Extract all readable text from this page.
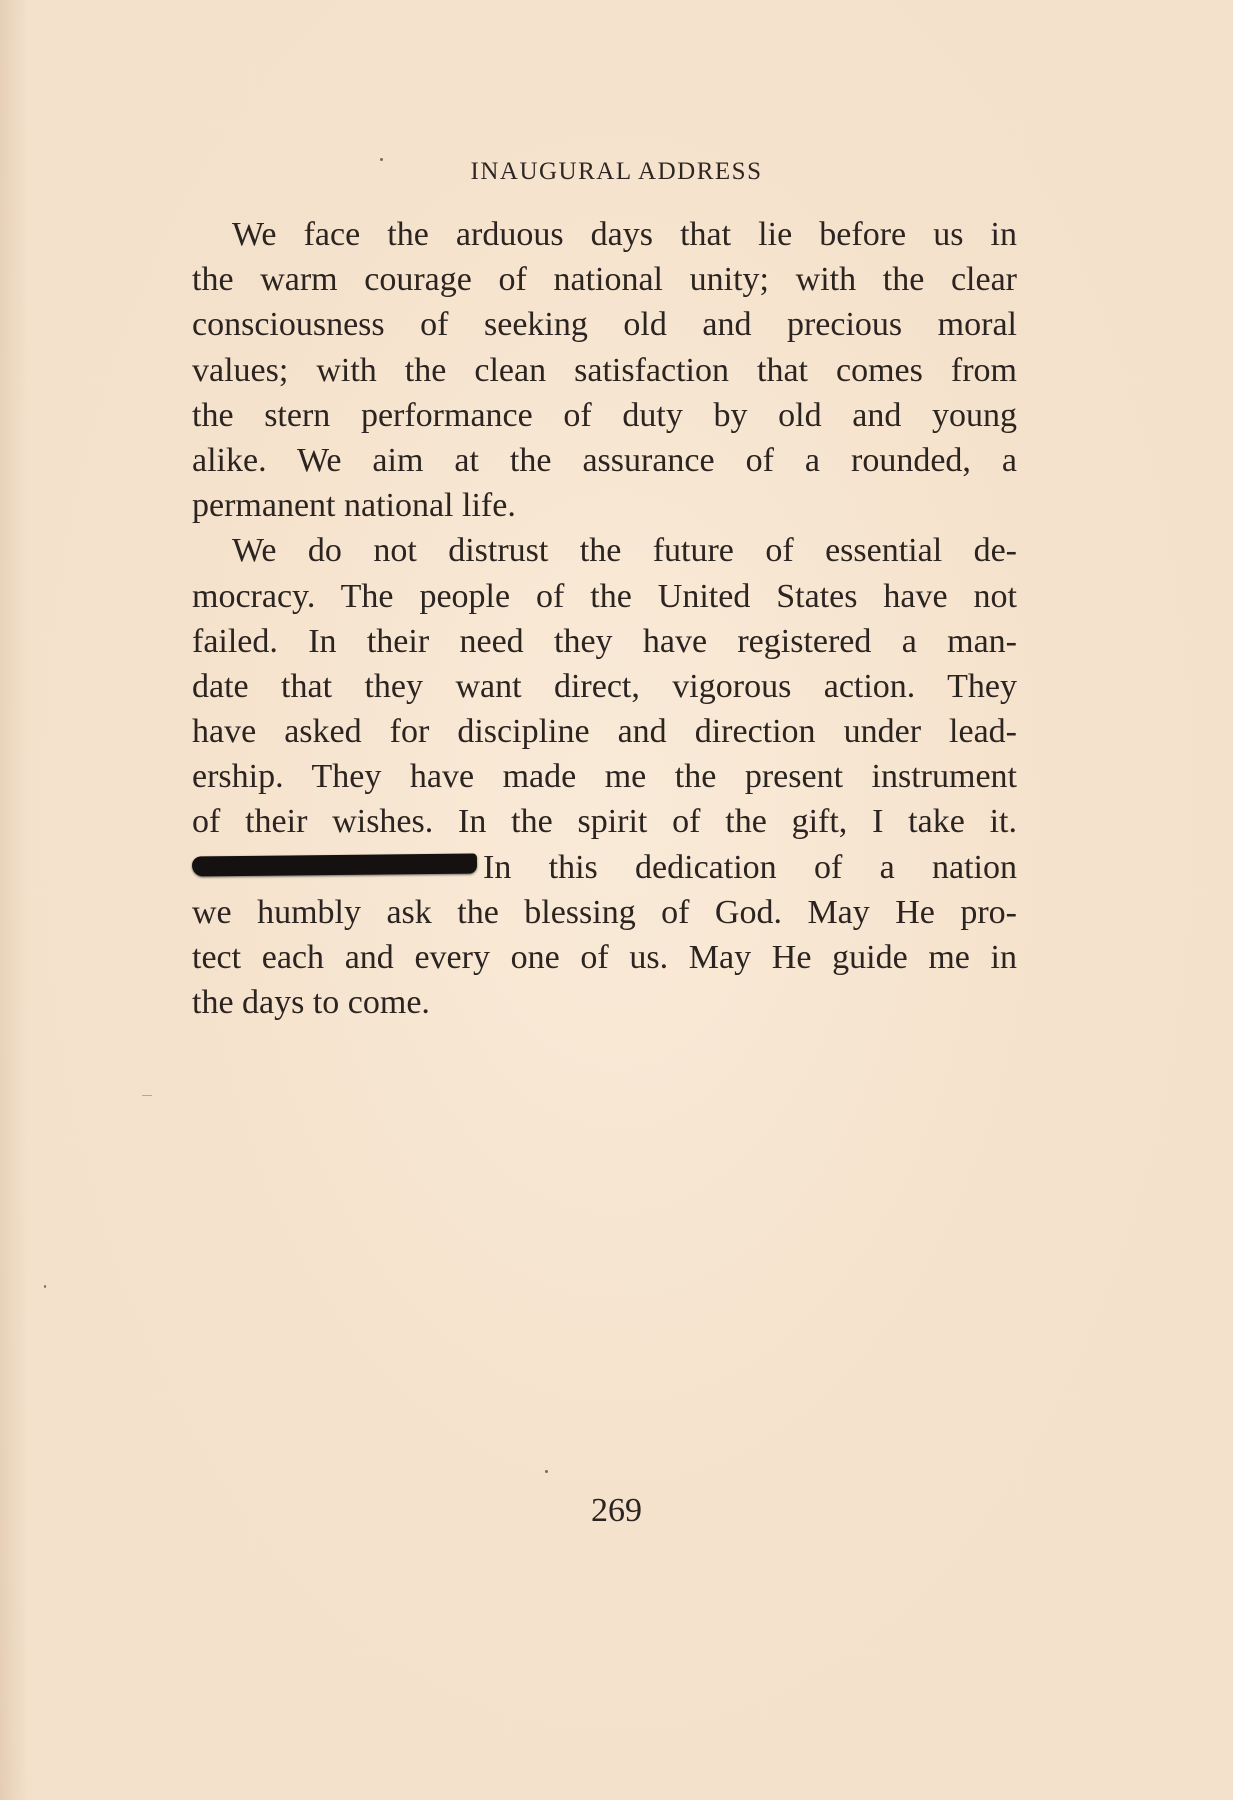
INAUGURAL ADDRESS
We face the arduous days that lie before us in
the warm courage of national unity; with the clear
consciousness of seeking old and precious moral
values; with the clean satisfaction that comes from
the stern performance of duty by old and young
alike. We aim at the assurance of a rounded, a
permanent national life.
We do not distrust the future of essential de-
mocracy. The people of the United States have not
failed. In their need they have registered a man-
date that they want direct, vigorous action. They
have asked for discipline and direction under lead-
ership. They have made me the present instrument
of their wishes. In the spirit of the gift, I take it.
In this dedication of a nation
we humbly ask the blessing of God. May He pro-
tect each and every one of us. May He guide me in
the days to come.
269
